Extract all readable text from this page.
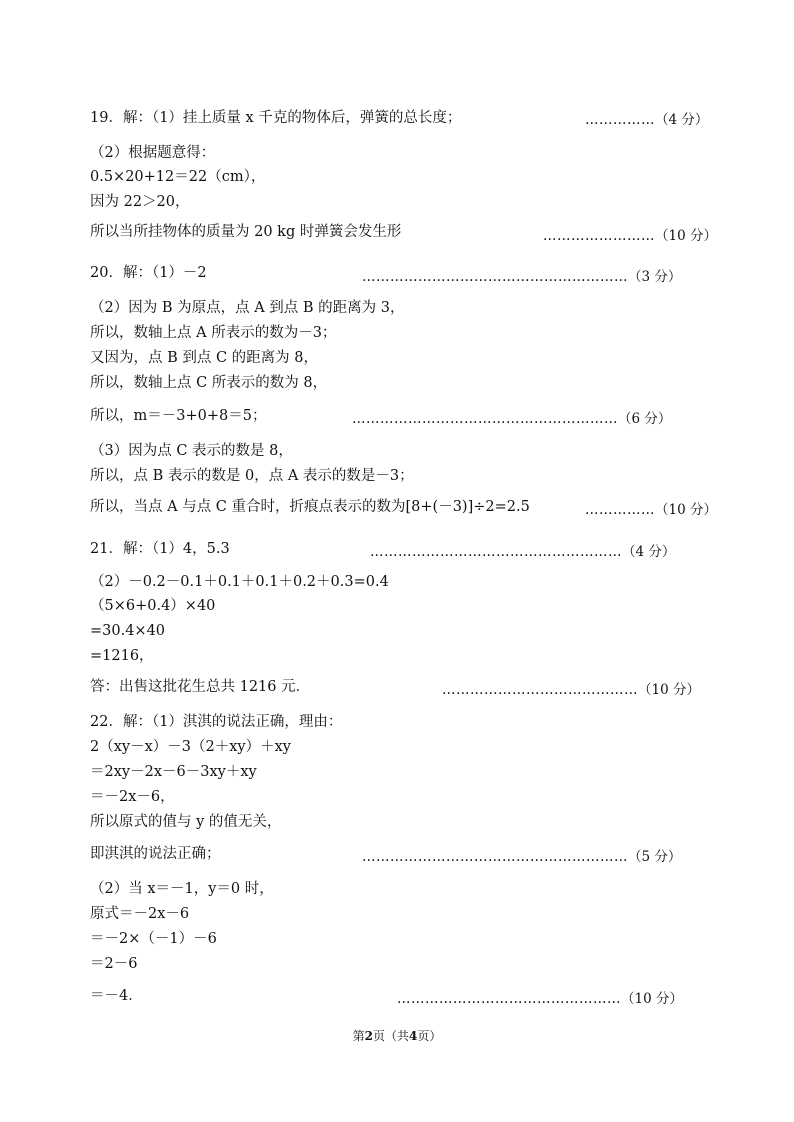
19．解：（1）挂上质量 x 千克的物体后，弹簧的总长度；	……………（4 分）
（2）根据题意得：
0.5×20+12＝22（cm），
因为 22＞20，
所以当所挂物体的质量为 20 kg 时弹簧会发生形	……………………（10 分）
20．解：（1）－2	…………………………………………………（3 分）
（2）因为 B 为原点，点 A 到点 B 的距离为 3，
所以，数轴上点 A 所表示的数为－3；
又因为，点 B 到点 C 的距离为 8，
所以，数轴上点 C 所表示的数为 8，
所以，m＝－3+0+8＝5；	…………………………………………………（6 分）
（3）因为点 C 表示的数是 8，
所以，点 B 表示的数是 0，点 A 表示的数是－3；
所以，当点 A 与点 C 重合时，折痕点表示的数为[8+(－3)]÷2=2.5	……………（10 分）
21．解：（1）4，5.3	………………………………………………（4 分）
（2）－0.2－0.1＋0.1＋0.1＋0.2＋0.3=0.4
（5×6+0.4）×40
=30.4×40
=1216，
答：出售这批花生总共 1216 元．	……………………………………（10 分）
22．解：（1）淇淇的说法正确，理由：
2（xy－x）－3（2＋xy）＋xy
＝2xy－2x－6－3xy＋xy
＝－2x－6，
所以原式的值与 y 的值无关，
即淇淇的说法正确；	…………………………………………………（5 分）
（2）当 x＝－1，y＝0 时，
原式＝－2x－6
＝－2×（－1）－6
＝2－6
＝－4．	…………………………………………（10 分）
第2页（共4页）
